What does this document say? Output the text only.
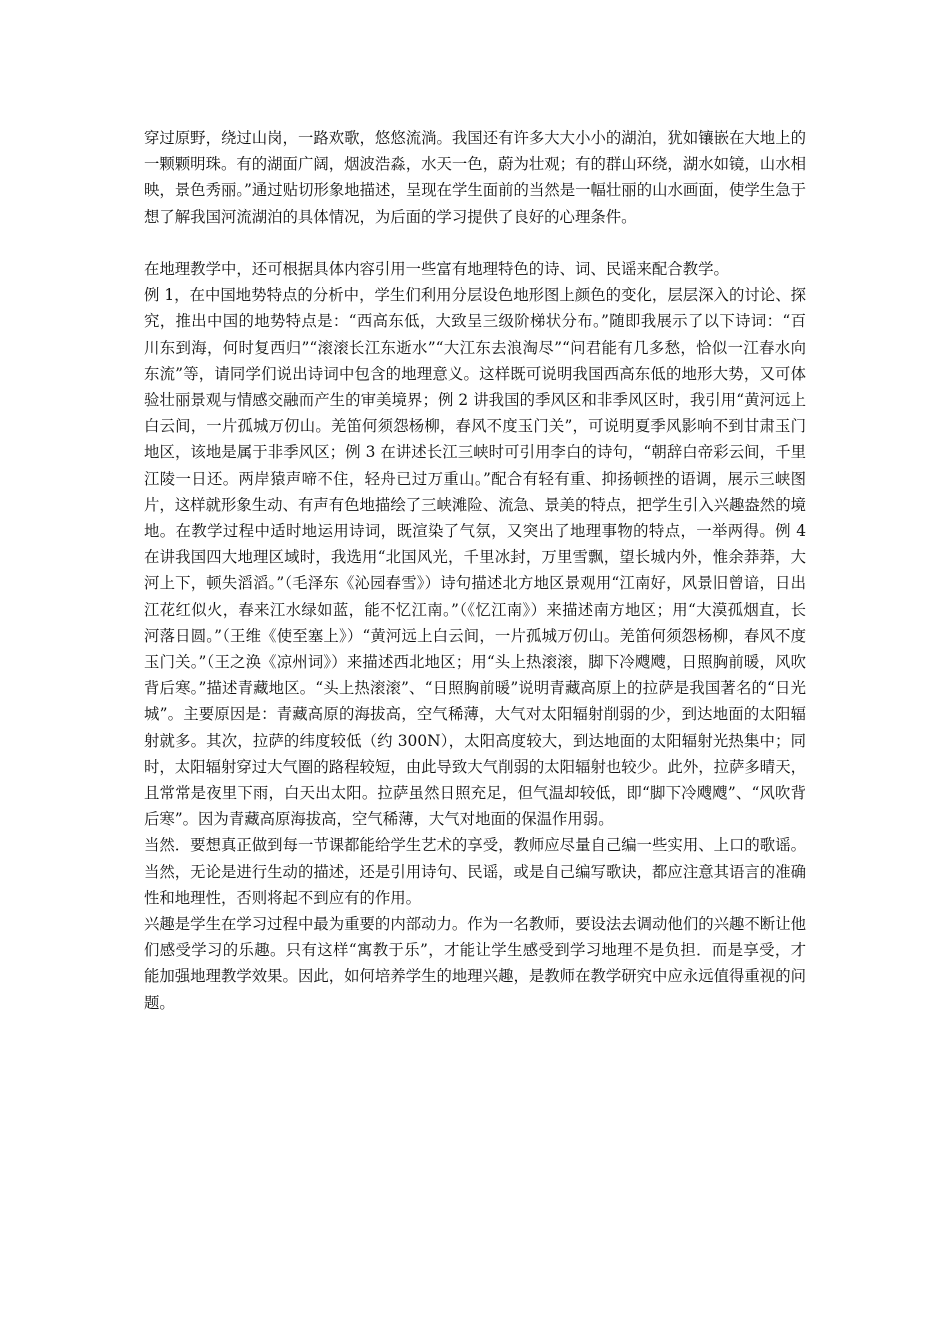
穿过原野，绕过山岗，一路欢歌，悠悠流淌。我国还有许多大大小小的湖泊，犹如镶嵌在大地上的一颗颗明珠。有的湖面广阔，烟波浩淼，水天一色，蔚为壮观；有的群山环绕，湖水如镜，山水相映，景色秀丽。”通过贴切形象地描述，呈现在学生面前的当然是一幅壮丽的山水画面，使学生急于想了解我国河流湖泊的具体情况，为后面的学习提供了良好的心理条件。

在地理教学中，还可根据具体内容引用一些富有地理特色的诗、词、民谣来配合教学。

例 1，在中国地势特点的分析中，学生们利用分层设色地形图上颜色的变化，层层深入的讨论、探究，推出中国的地势特点是：“西高东低，大致呈三级阶梯状分布。”随即我展示了以下诗词：“百川东到海，何时复西归”“滚滚长江东逝水”“大江东去浪淘尽”“问君能有几多愁，恰似一江春水向东流”等，请同学们说出诗词中包含的地理意义。这样既可说明我国西高东低的地形大势，又可体验壮丽景观与情感交融而产生的审美境界；例 2 讲我国的季风区和非季风区时，我引用“黄河远上白云间，一片孤城万仞山。羌笛何须怨杨柳，春风不度玉门关”，可说明夏季风影响不到甘肃玉门地区，该地是属于非季风区；例 3 在讲述长江三峡时可引用李白的诗句，“朝辞白帝彩云间，千里江陵一日还。两岸猿声啼不住，轻舟已过万重山。”配合有轻有重、抑扬顿挫的语调，展示三峡图片，这样就形象生动、有声有色地描绘了三峡滩险、流急、景美的特点，把学生引入兴趣盎然的境地。在教学过程中适时地运用诗词，既渲染了气氛，又突出了地理事物的特点，一举两得。例 4 在讲我国四大地理区域时，我选用“北国风光，千里冰封，万里雪飘，望长城内外，惟余莽莽，大河上下，顿失滔滔。”（毛泽东《沁园春雪》）诗句描述北方地区景观用“江南好，风景旧曾谙，日出江花红似火，春来江水绿如蓝，能不忆江南。”（《忆江南》）来描述南方地区；用“大漠孤烟直，长河落日圆。”（王维《使至塞上》）“黄河远上白云间，一片孤城万仞山。羌笛何须怨杨柳，春风不度玉门关。”（王之涣《凉州词》）来描述西北地区；用“头上热滚滚，脚下冷飕飕，日照胸前暖，风吹背后寒。”描述青藏地区。“头上热滚滚”、“日照胸前暖”说明青藏高原上的拉萨是我国著名的“日光城”。主要原因是：青藏高原的海拔高，空气稀薄，大气对太阳辐射削弱的少，到达地面的太阳辐射就多。其次，拉萨的纬度较低（约 300N），太阳高度较大，到达地面的太阳辐射光热集中；同时，太阳辐射穿过大气圈的路程较短，由此导致大气削弱的太阳辐射也较少。此外，拉萨多晴天，且常常是夜里下雨，白天出太阳。拉萨虽然日照充足，但气温却较低，即“脚下冷飕飕”、“风吹背后寒”。因为青藏高原海拔高，空气稀薄，大气对地面的保温作用弱。

当然．要想真正做到每一节课都能给学生艺术的享受，教师应尽量自己编一些实用、上口的歌谣。当然，无论是进行生动的描述，还是引用诗句、民谣，或是自己编写歌诀，都应注意其语言的准确性和地理性，否则将起不到应有的作用。

兴趣是学生在学习过程中最为重要的内部动力。作为一名教师，要设法去调动他们的兴趣不断让他们感受学习的乐趣。只有这样“寓教于乐”，才能让学生感受到学习地理不是负担．而是享受，才能加强地理教学效果。因此，如何培养学生的地理兴趣，是教师在教学研究中应永远值得重视的问题。
